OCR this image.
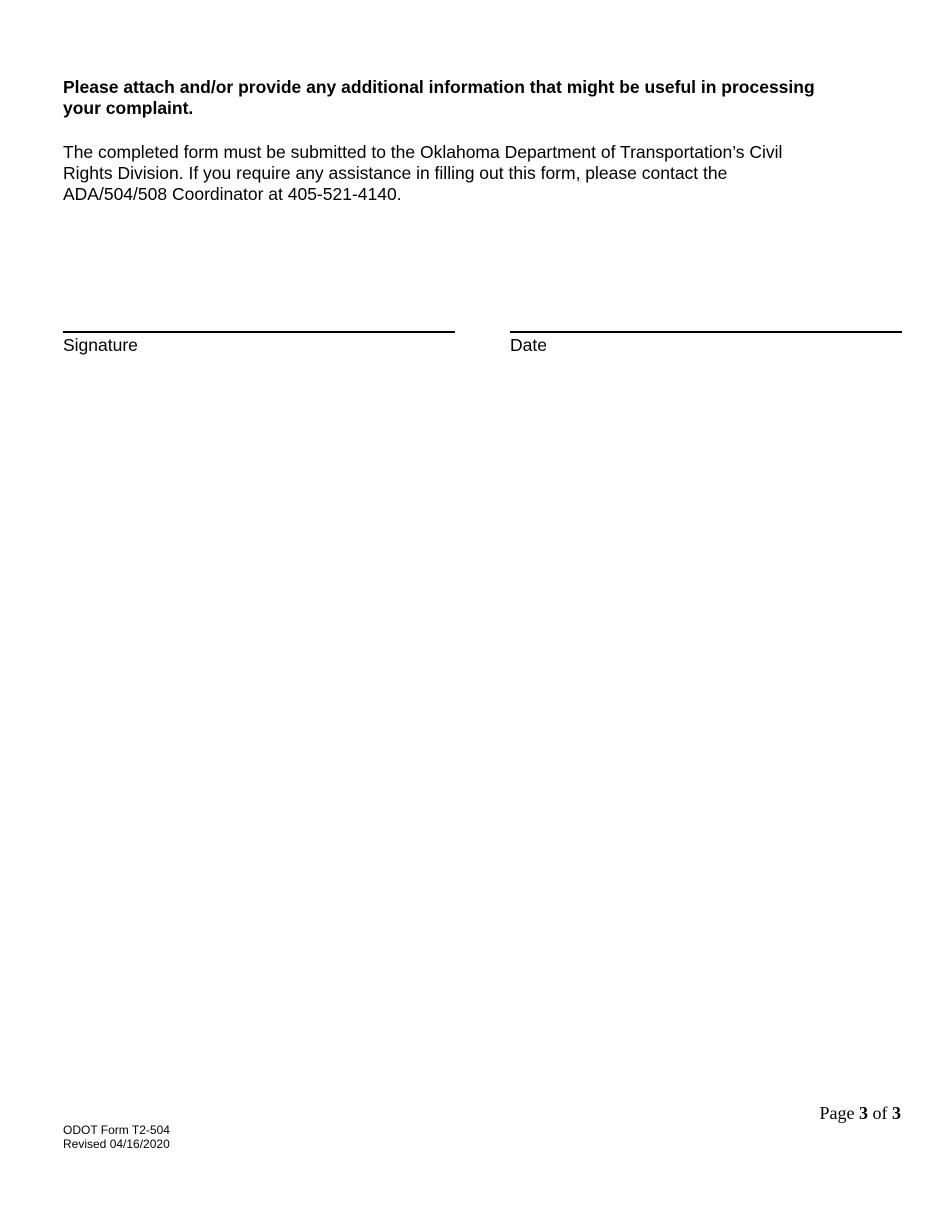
Please attach and/or provide any additional information that might be useful in processing your complaint.
The completed form must be submitted to the Oklahoma Department of Transportation’s Civil
Rights Division. If you require any assistance in filling out this form, please contact the
ADA/504/508 Coordinator at 405-521-4140.
Signature	Date
Page 3 of 3
ODOT Form T2-504
Revised 04/16/2020
